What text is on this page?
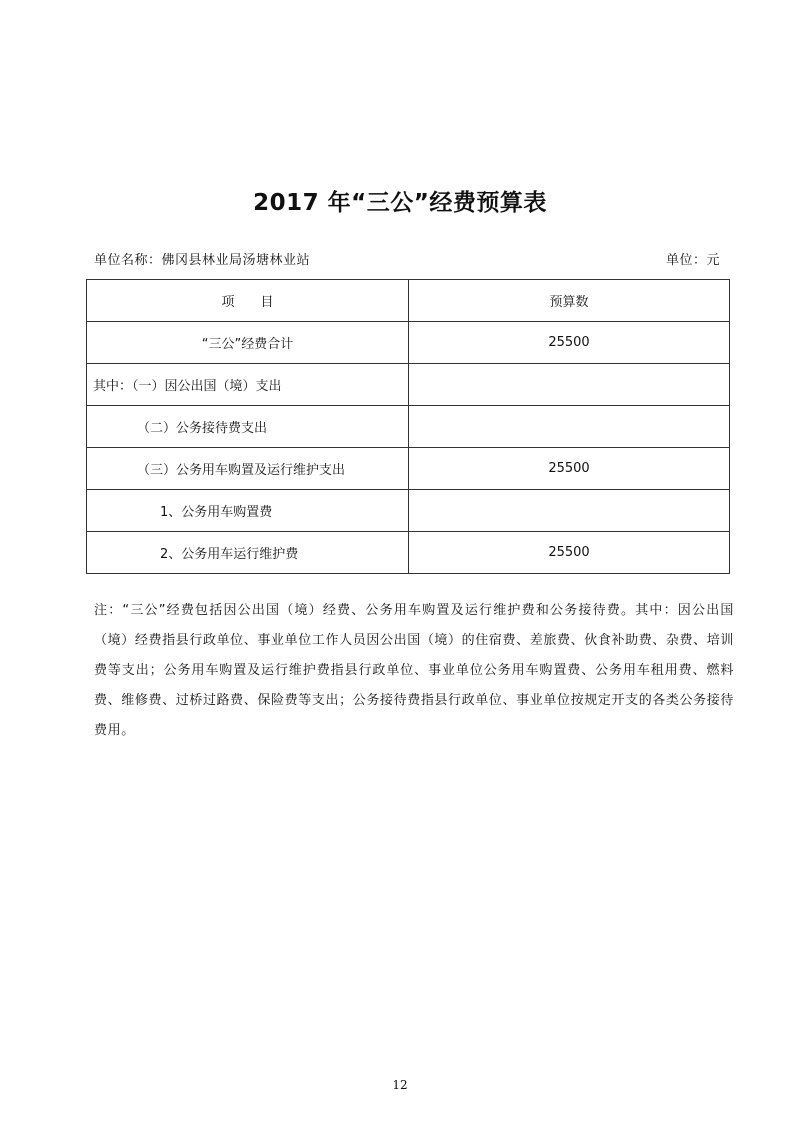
2017 年“三公”经费预算表
单位名称：佛冈县林业局汤塘林业站	单位：元
项　　目	预算数
“三公”经费合计	25500
其中：（一）因公出国（境）支出	
（二）公务接待费支出	
（三）公务用车购置及运行维护支出	25500
1、公务用车购置费	
2、公务用车运行维护费	25500
注：“三公”经费包括因公出国（境）经费、公务用车购置及运行维护费和公务接待费。其中：因公出国（境）经费指县行政单位、事业单位工作人员因公出国（境）的住宿费、差旅费、伙食补助费、杂费、培训费等支出；公务用车购置及运行维护费指县行政单位、事业单位公务用车购置费、公务用车租用费、燃料费、维修费、过桥过路费、保险费等支出；公务接待费指县行政单位、事业单位按规定开支的各类公务接待费用。
12
